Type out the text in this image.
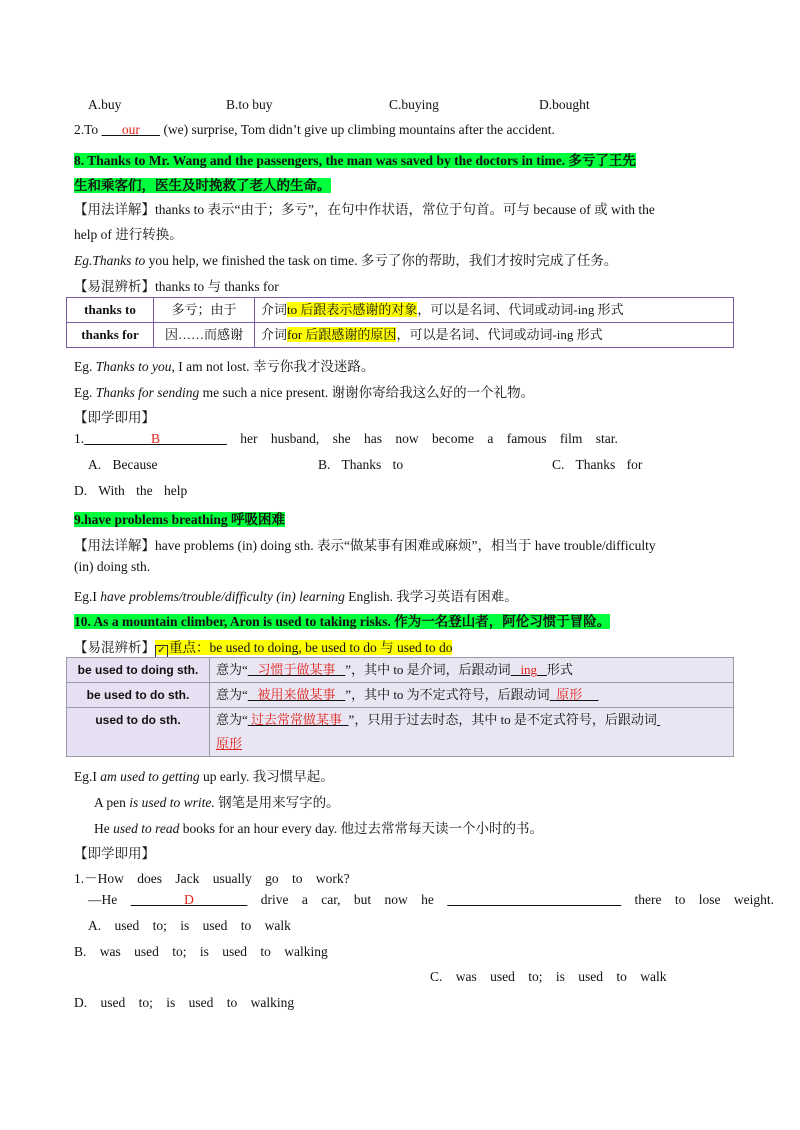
A.buy	B.to buy	C.buying	D.bought
2.To       our       (we) surprise, Tom didn’t give up climbing mountains after the accident.
8. Thanks to Mr. Wang and the passengers, the man was saved by the doctors in time. 多亏了王先
生和乘客们，医生及时挽救了老人的生命。
【用法详解】thanks to 表示“由于；多亏”，在句中作状语，常位于句首。可与 because of 或 with the
help of 进行转换。
Eg.Thanks to you help, we finished the task on time. 多亏了你的帮助，我们才按时完成了任务。
【易混辨析】thanks to 与 thanks for
thanks to	多亏；由于	介词to 后跟表示感谢的对象，可以是名词、代词或动词-ing 形式
thanks for	因……而感谢	介词for 后跟感谢的原因，可以是名词、代词或动词-ing 形式
Eg. Thanks to you, I am not lost. 幸亏你我才没迷路。
Eg. Thanks for sending me such a nice present. 谢谢你寄给我这么好的一个礼物。
【即学即用】
1.	B	her husband, she has now become a famous film star.
A. Because	B. Thanks to	C. Thanks for
D. With the help
9.have problems breathing 呼吸困难
【用法详解】have problems (in) doing sth. 表示“做某事有困难或麻烦”，相当于 have trouble/difficulty
(in) doing sth.
Eg.I have problems/trouble/difficulty (in) learning English. 我学习英语有困难。
10. As a mountain climber, Aron is used to taking risks. 作为一名登山者，阿伦习惯于冒险。
【易混辨析】 ✓ 重点：be used to doing, be used to do 与 used to do
be used to doing sth.	意为“ 习惯于做某事 ”，其中 to 是介词，后跟动词 ing 形式
be used to do sth.	意为“ 被用来做某事 ”，其中 to 为不定式符号，后跟动词 原形
used to do sth.	意为“ 过去常常做某事 ”，只用于过去时态，其中 to 是不定式符号，后跟动词
原形
Eg.I am used to getting up early. 我习惯早起。
A pen is used to write. 钢笔是用来写字的。
He used to read books for an hour every day. 他过去常常每天读一个小时的书。
【即学即用】
1.－How does Jack usually go to work?
—He	D	drive a car, but now he	there to lose weight.
A. used to; is used to walk
B. was used to; is used to walking
C. was used to; is used to walk
D. used to; is used to walking
